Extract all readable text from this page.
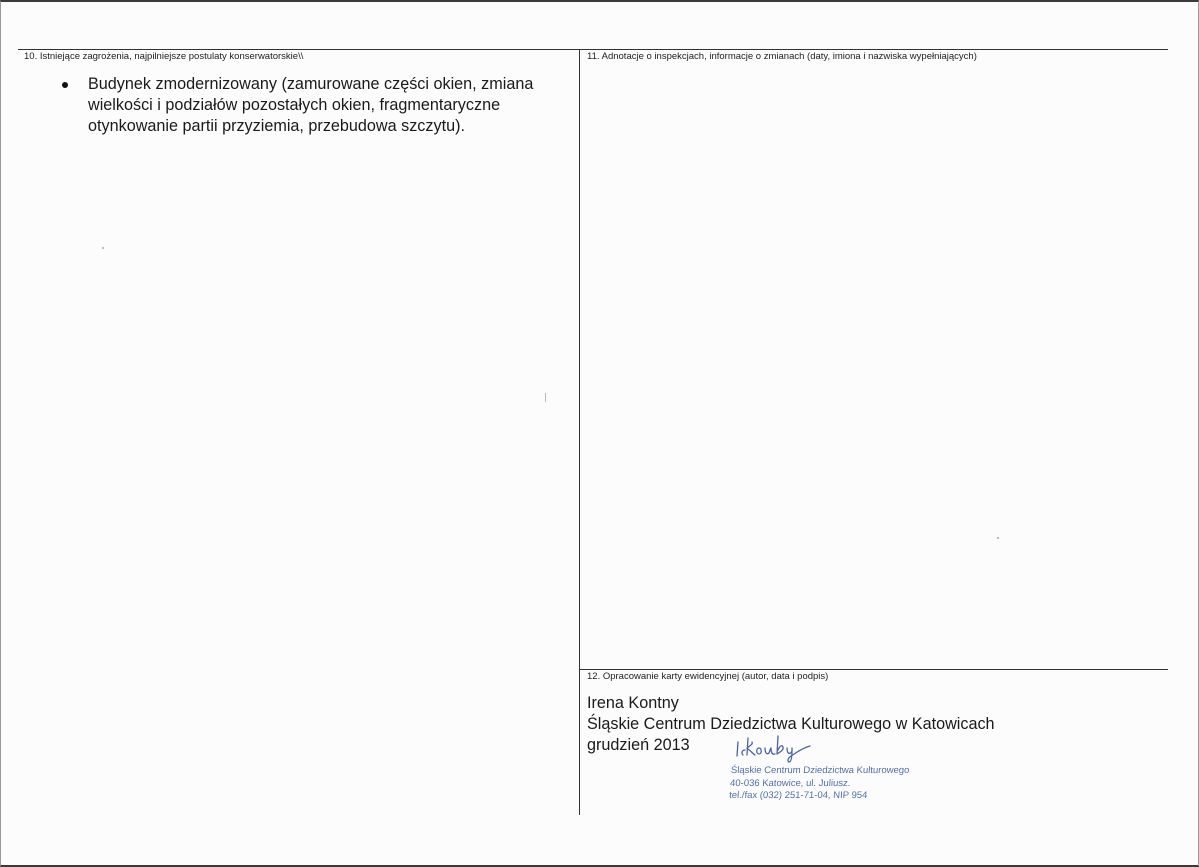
10. Istniejące zagrożenia, najpilniejsze postulaty konserwatorskie\\
Budynek zmodernizowany (zamurowane części okien, zmiana wielkości i podziałów pozostałych okien, fragmentaryczne otynkowanie partii przyziemia, przebudowa szczytu).
11. Adnotacje o inspekcjach, informacje o zmianach (daty, imiona i nazwiska wypełniających)
12. Opracowanie karty ewidencyjnej (autor, data i podpis)
Irena Kontny
Śląskie Centrum Dziedzictwa Kulturowego w Katowicach
grudzień 2013
Śląskie Centrum Dziedzictwa Kulturowego
40-036 Katowice, ul. Juliusz.
tel./fax (032) 251-71-04, NIP 954
